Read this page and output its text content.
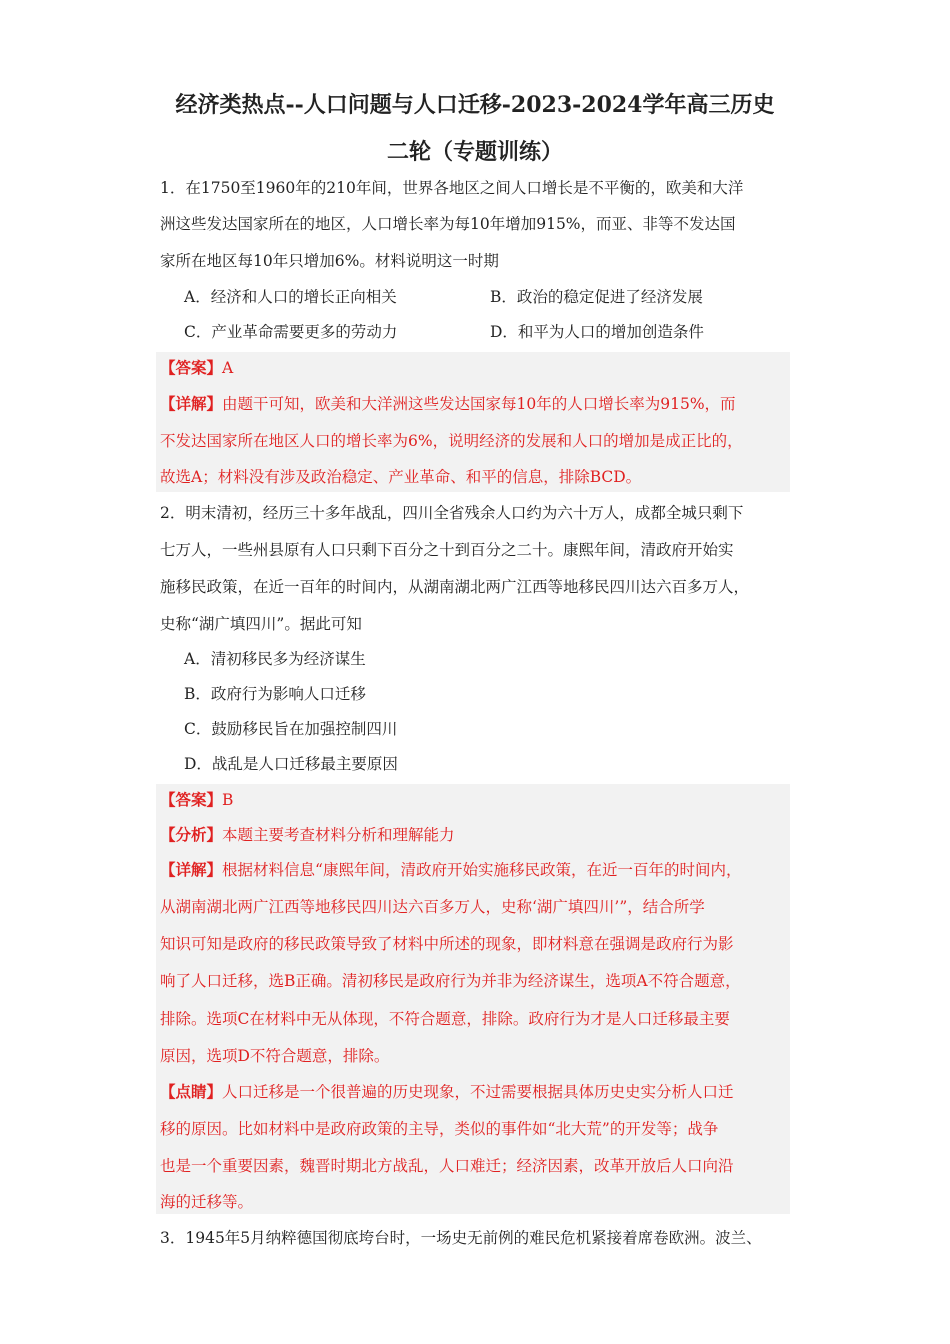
经济类热点--人口问题与人口迁移-2023-2024学年高三历史
二轮（专题训练）
1．在1750至1960年的210年间，世界各地区之间人口增长是不平衡的，欧美和大洋
洲这些发达国家所在的地区，人口增长率为每10年增加915%，而亚、非等不发达国
家所在地区每10年只增加6%。材料说明这一时期
A．经济和人口的增长正向相关	B．政治的稳定促进了经济发展
C．产业革命需要更多的劳动力	D．和平为人口的增加创造条件
【答案】A
【详解】由题干可知，欧美和大洋洲这些发达国家每10年的人口增长率为915%，而
不发达国家所在地区人口的增长率为6%，说明经济的发展和人口的增加是成正比的，
故选A；材料没有涉及政治稳定、产业革命、和平的信息，排除BCD。
2．明末清初，经历三十多年战乱，四川全省残余人口约为六十万人，成都全城只剩下
七万人，一些州县原有人口只剩下百分之十到百分之二十。康熙年间，清政府开始实
施移民政策，在近一百年的时间内，从湖南湖北两广江西等地移民四川达六百多万人，
史称“湖广填四川”。据此可知
A．清初移民多为经济谋生
B．政府行为影响人口迁移
C．鼓励移民旨在加强控制四川
D．战乱是人口迁移最主要原因
【答案】B
【分析】本题主要考查材料分析和理解能力
【详解】根据材料信息“康熙年间，清政府开始实施移民政策，在近一百年的时间内，
从湖南湖北两广江西等地移民四川达六百多万人，史称‘湖广填四川’”，结合所学
知识可知是政府的移民政策导致了材料中所述的现象，即材料意在强调是政府行为影
响了人口迁移，选B正确。清初移民是政府行为并非为经济谋生，选项A不符合题意，
排除。选项C在材料中无从体现，不符合题意，排除。政府行为才是人口迁移最主要
原因，选项D不符合题意，排除。
【点睛】人口迁移是一个很普遍的历史现象，不过需要根据具体历史史实分析人口迁
移的原因。比如材料中是政府政策的主导，类似的事件如“北大荒”的开发等；战争
也是一个重要因素，魏晋时期北方战乱，人口难迁；经济因素，改革开放后人口向沿
海的迁移等。
3．1945年5月纳粹德国彻底垮台时，一场史无前例的难民危机紧接着席卷欧洲。波兰、
